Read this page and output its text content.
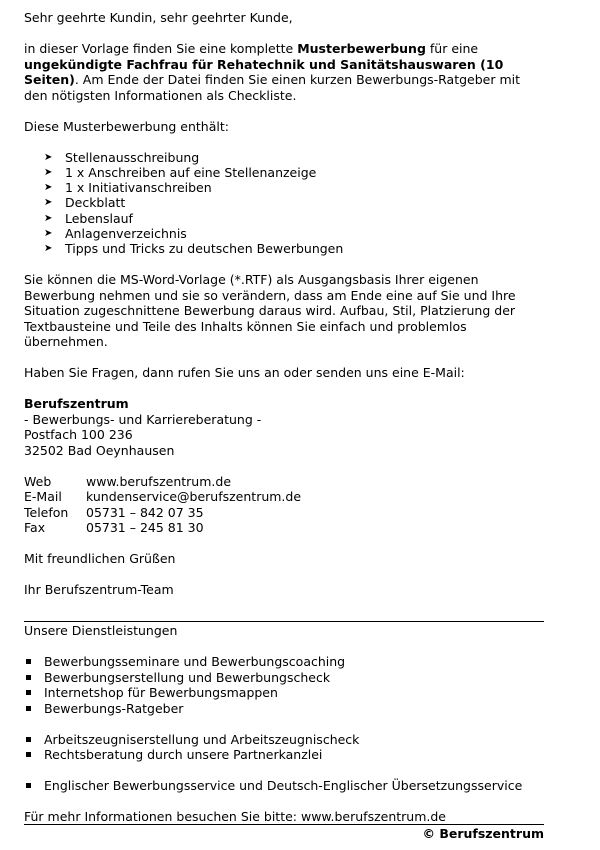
Sehr geehrte Kundin, sehr geehrter Kunde,

in dieser Vorlage finden Sie eine komplette Musterbewerbung für eine
ungekündigte Fachfrau für Rehatechnik und Sanitätshauswaren (10 Seiten). Am Ende der Datei finden Sie einen kurzen Bewerbungs-Ratgeber mit den nötigsten Informationen als Checkliste.

Diese Musterbewerbung enthält:

➤ Stellenausschreibung
➤ 1 x Anschreiben auf eine Stellenanzeige
➤ 1 x Initiativanschreiben
➤ Deckblatt
➤ Lebenslauf
➤ Anlagenverzeichnis
➤ Tipps und Tricks zu deutschen Bewerbungen

Sie können die MS-Word-Vorlage (*.RTF) als Ausgangsbasis Ihrer eigenen Bewerbung nehmen und sie so verändern, dass am Ende eine auf Sie und Ihre Situation zugeschnittene Bewerbung daraus wird. Aufbau, Stil, Platzierung der Textbausteine und Teile des Inhalts können Sie einfach und problemlos übernehmen.

Haben Sie Fragen, dann rufen Sie uns an oder senden uns eine E-Mail:

Berufszentrum

- Bewerbungs- und Karriereberatung -

Postfach 100 236

32502 Bad Oeynhausen

Web	www.berufszentrum.de
E-Mail	kundenservice@berufszentrum.de
Telefon	05731 – 842 07 35
Fax	05731 – 245 81 30

Mit freundlichen Grüßen

Ihr Berufszentrum-Team

Unsere Dienstleistungen

Bewerbungsseminare und Bewerbungscoaching
Bewerbungserstellung und Bewerbungscheck
Internetshop für Bewerbungsmappen
Bewerbungs-Ratgeber
Arbeitszeugniserstellung und Arbeitszeugnischeck
Rechtsberatung durch unsere Partnerkanzlei
Englischer Bewerbungsservice und Deutsch-Englischer Übersetzungsservice

Für mehr Informationen besuchen Sie bitte: www.berufszentrum.de

© Berufszentrum
